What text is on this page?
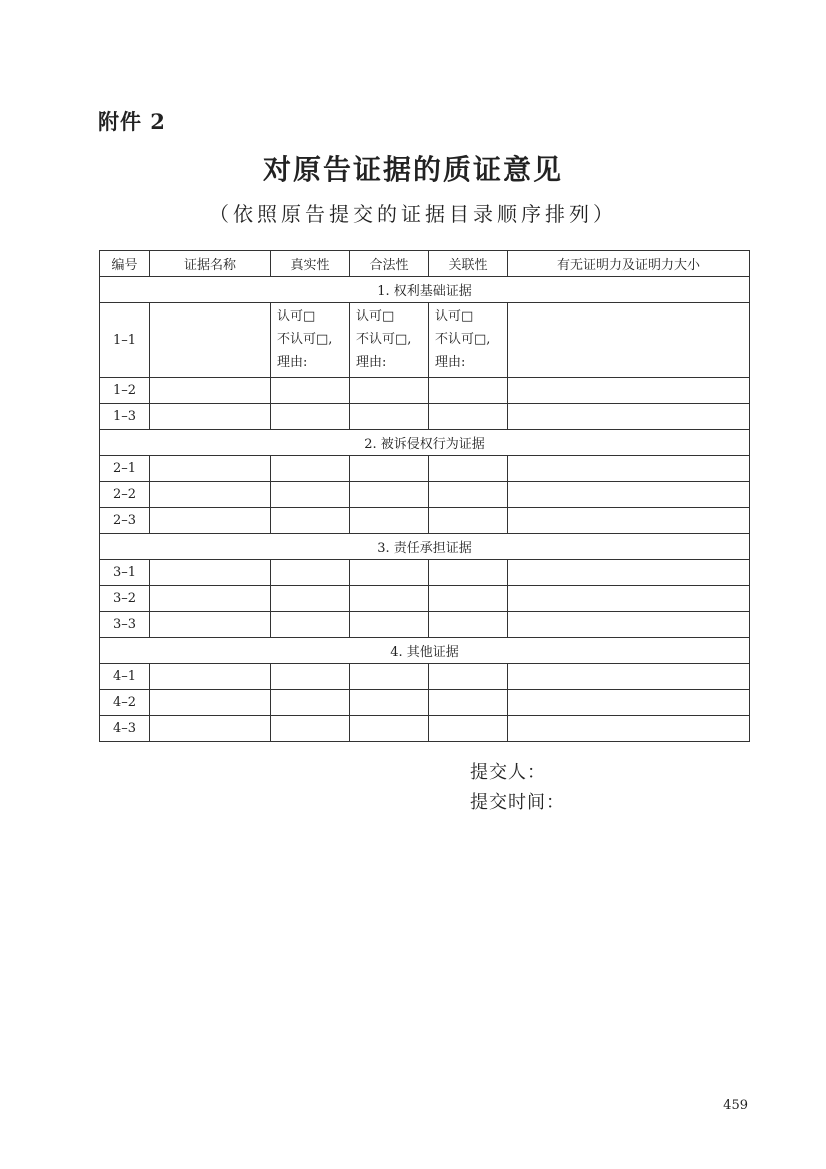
附件 2
对原告证据的质证意见
（依照原告提交的证据目录顺序排列）
编号	证据名称	真实性	合法性	关联性	有无证明力及证明力大小
1. 权利基础证据					
1–1		认可□
不认可□,
理由:	认可□
不认可□,
理由:	认可□
不认可□,
理由:	

1–2					
1–3					
2. 被诉侵权行为证据					
2–1					
2–2					
2–3					
3. 责任承担证据					
3–1					
3–2					
3–3					
4. 其他证据					
4–1					
4–2					
4–3					
提交人：
提交时间：
459
